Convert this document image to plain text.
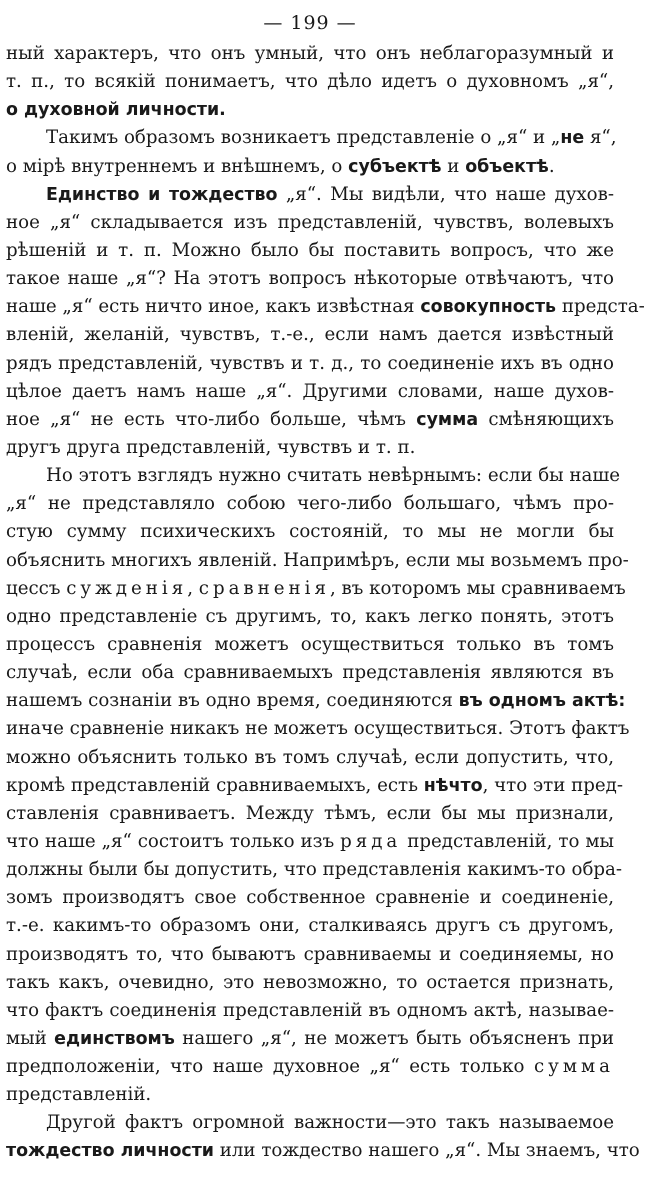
— 199 —
ный характеръ, что онъ умный, что онъ неблагоразумный и
т. п., то всякій понимаетъ, что дѣло идетъ о духовномъ „я“,
о духовной личности.
Такимъ образомъ возникаетъ представленіе о „я“ и „не я“,
о мірѣ внутреннемъ и внѣшнемъ, о субъектѣ и объектѣ.
Единство и тождество „я“. Мы видѣли, что наше духов-
ное „я“ складывается изъ представленій, чувствъ, волевыхъ
рѣшеній и т. п. Можно было бы поставить вопросъ, что же
такое наше „я“? На этотъ вопросъ нѣкоторые отвѣчаютъ, что
наше „я“ есть ничто иное, какъ извѣстная совокупность предста-
вленій, желаній, чувствъ, т.-е., если намъ дается извѣстный
рядъ представленій, чувствъ и т. д., то соединеніе ихъ въ одно
цѣлое даетъ намъ наше „я“. Другими словами, наше духов-
ное „я“ не есть что-либо больше, чѣмъ сумма смѣняющихъ
другъ друга представленій, чувствъ и т. п.
Но этотъ взглядъ нужно считать невѣрнымъ: если бы наше
„я“ не представляло собою чего-либо большаго, чѣмъ про-
стую сумму психическихъ состояній, то мы не могли бы
объяснить многихъ явленій. Напримѣръ, если мы возьмемъ про-
цессъ сужденія, сравненія, въ которомъ мы сравниваемъ
одно представленіе съ другимъ, то, какъ легко понять, этотъ
процессъ сравненія можетъ осуществиться только въ томъ
случаѣ, если оба сравниваемыхъ представленія являются въ
нашемъ сознаніи въ одно время, соединяются въ одномъ актѣ:
иначе сравненіе никакъ не можетъ осуществиться. Этотъ фактъ
можно объяснить только въ томъ случаѣ, если допустить, что,
кромѣ представленій сравниваемыхъ, есть нѣчто, что эти пред-
ставленія сравниваетъ. Между тѣмъ, если бы мы признали,
что наше „я“ состоитъ только изъ ряда представленій, то мы
должны были бы допустить, что представленія какимъ-то обра-
зомъ производятъ свое собственное сравненіе и соединеніе,
т.-е. какимъ-то образомъ они, сталкиваясь другъ съ другомъ,
производятъ то, что бываютъ сравниваемы и соединяемы, но
такъ какъ, очевидно, это невозможно, то остается признать,
что фактъ соединенія представленій въ одномъ актѣ, называе-
мый единствомъ нашего „я“, не можетъ быть объясненъ при
предположеніи, что наше духовное „я“ есть только сумма
представленій.
Другой фактъ огромной важности—это такъ называемое
тождество личности или тождество нашего „я“. Мы знаемъ, что
